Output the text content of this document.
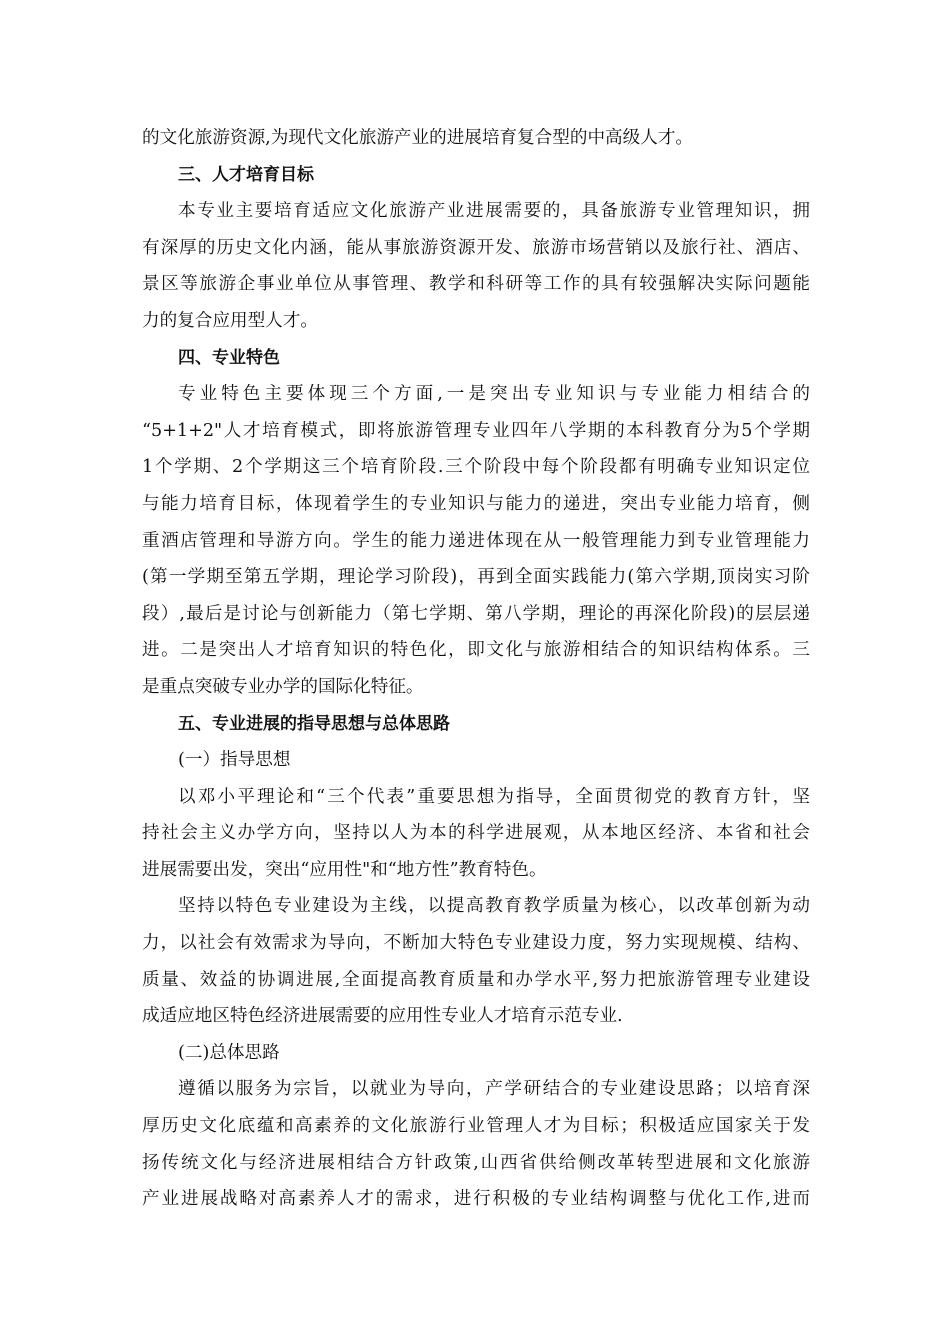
的文化旅游资源,为现代文化旅游产业的进展培育复合型的中高级人才。

三、人才培育目标

本专业主要培育适应文化旅游产业进展需要的，具备旅游专业管理知识，拥

有深厚的历史文化内涵，能从事旅游资源开发、旅游市场营销以及旅行社、酒店、

景区等旅游企事业单位从事管理、教学和科研等工作的具有较强解决实际问题能

力的复合应用型人才。

四、专业特色

专业特色主要体现三个方面,一是突出专业知识与专业能力相结合的

“5+1+2"人才培育模式，即将旅游管理专业四年八学期的本科教育分为5个学期

1个学期、2个学期这三个培育阶段.三个阶段中每个阶段都有明确专业知识定位

与能力培育目标，体现着学生的专业知识与能力的递进，突出专业能力培育，侧

重酒店管理和导游方向。学生的能力递进体现在从一般管理能力到专业管理能力

(第一学期至第五学期，理论学习阶段)，再到全面实践能力(第六学期,顶岗实习阶

段）,最后是讨论与创新能力（第七学期、第八学期，理论的再深化阶段)的层层递

进。二是突出人才培育知识的特色化，即文化与旅游相结合的知识结构体系。三

是重点突破专业办学的国际化特征。

五、专业进展的指导思想与总体思路

(一）指导思想

以邓小平理论和“三个代表”重要思想为指导，全面贯彻党的教育方针，坚

持社会主义办学方向，坚持以人为本的科学进展观，从本地区经济、本省和社会

进展需要出发，突出“应用性"和“地方性”教育特色。

坚持以特色专业建设为主线，以提高教育教学质量为核心，以改革创新为动

力，以社会有效需求为导向，不断加大特色专业建设力度，努力实现规模、结构、

质量、效益的协调进展,全面提高教育质量和办学水平,努力把旅游管理专业建设

成适应地区特色经济进展需要的应用性专业人才培育示范专业.

(二)总体思路

遵循以服务为宗旨，以就业为导向，产学研结合的专业建设思路；以培育深

厚历史文化底蕴和高素养的文化旅游行业管理人才为目标；积极适应国家关于发

扬传统文化与经济进展相结合方针政策,山西省供给侧改革转型进展和文化旅游

产业进展战略对高素养人才的需求，进行积极的专业结构调整与优化工作,进而
